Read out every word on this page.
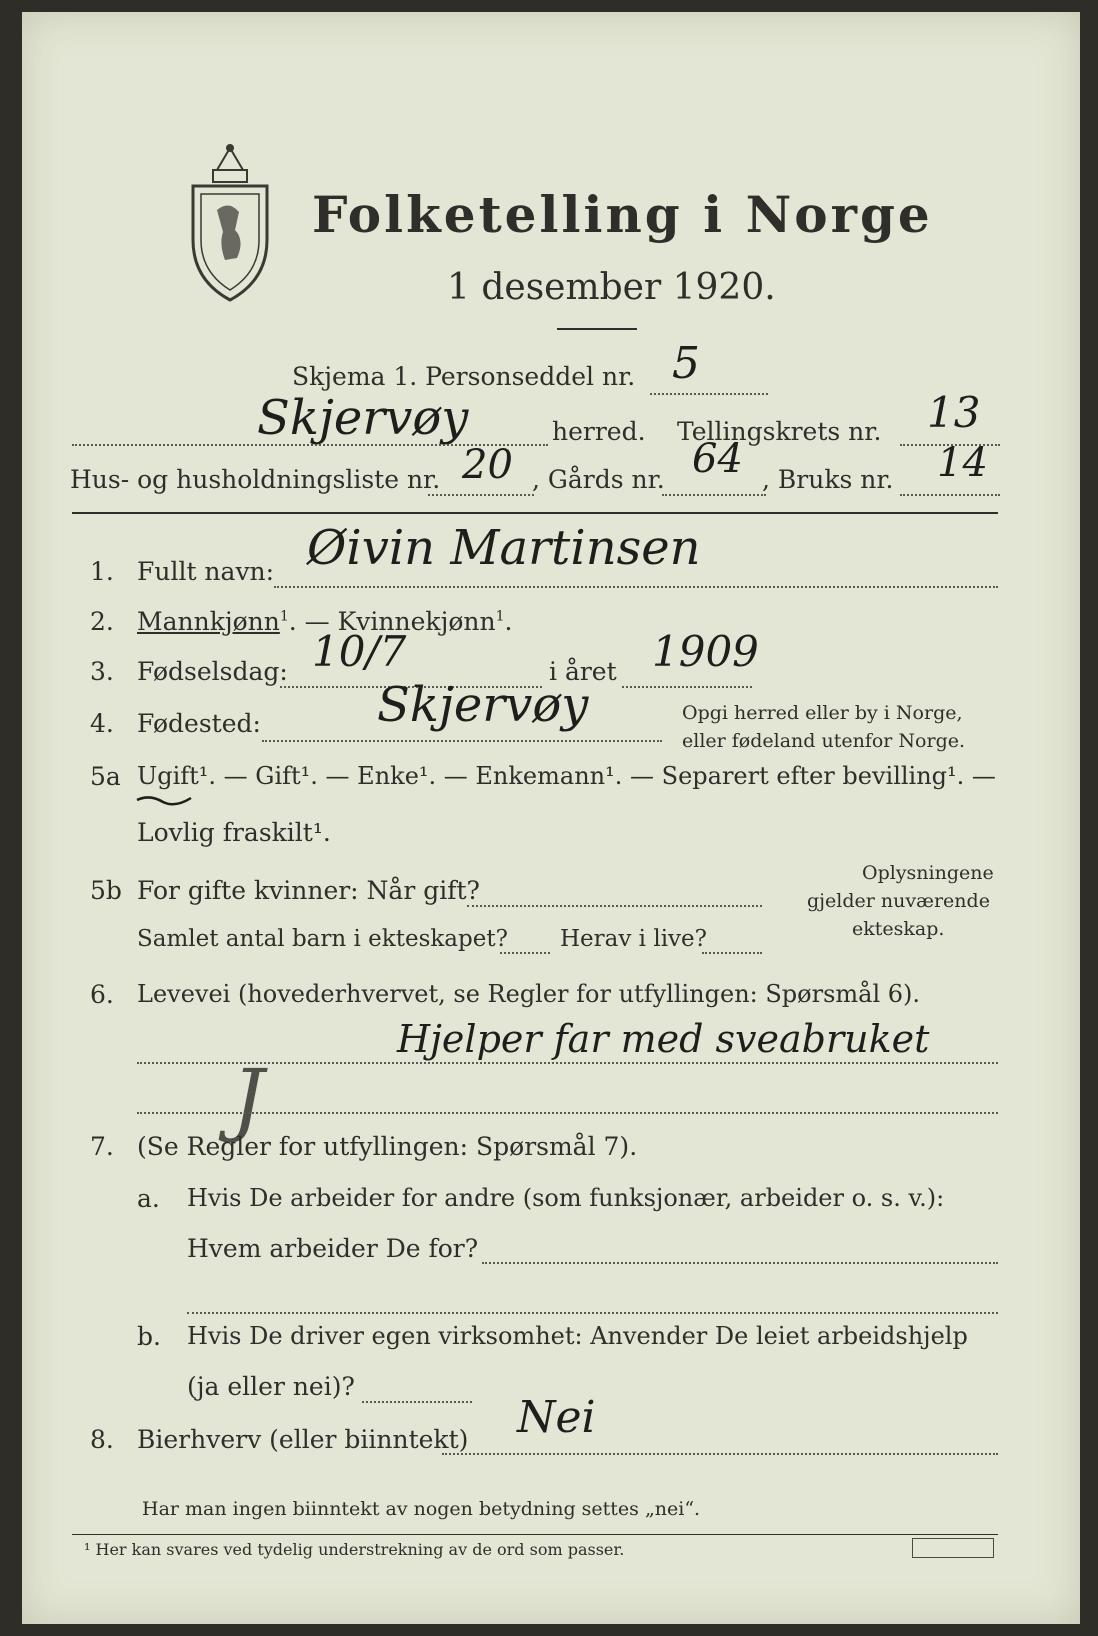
Folketelling i Norge
1 desember 1920.
Skjema 1. Personseddel nr. 5
Skjervøy	herred. Tellingskrets nr. 13
Hus- og husholdningsliste nr. 20 , Gårds nr. 64 , Bruks nr. 14
1. Fullt navn: Øivin Martinsen
2. Mannkjønn$^1$. — Kvinnekjønn$^1$.
3. Fødselsdag: 10/7	i året 1909
4. Fødested: Skjervøy	Opgi herred eller by i Norge,
eller fødeland utenfor Norge.
5a Ugift¹. — Gift¹. — Enke¹. — Enkemann¹. — Separert efter bevilling¹. —
Lovlig fraskilt¹.
5b For gifte kvinner: Når gift?
Samlet antal barn i ekteskapet? Herav i live?
Oplysningene
gjelder nuværende
ekteskap.
6. Levevei (hovederhvervet, se Regler for utfyllingen: Spørsmål 6).
Hjelper far med sveabruket
J
7. (Se Regler for utfyllingen: Spørsmål 7).
a. Hvis De arbeider for andre (som funksjonær, arbeider o. s. v.):
Hvem arbeider De for?
b. Hvis De driver egen virksomhet: Anvender De leiet arbeidshjelp
(ja eller nei)?
8. Bierhverv (eller biinntekt) Nei
Har man ingen biinntekt av nogen betydning settes „nei“.
¹ Her kan svares ved tydelig understrekning av de ord som passer.
